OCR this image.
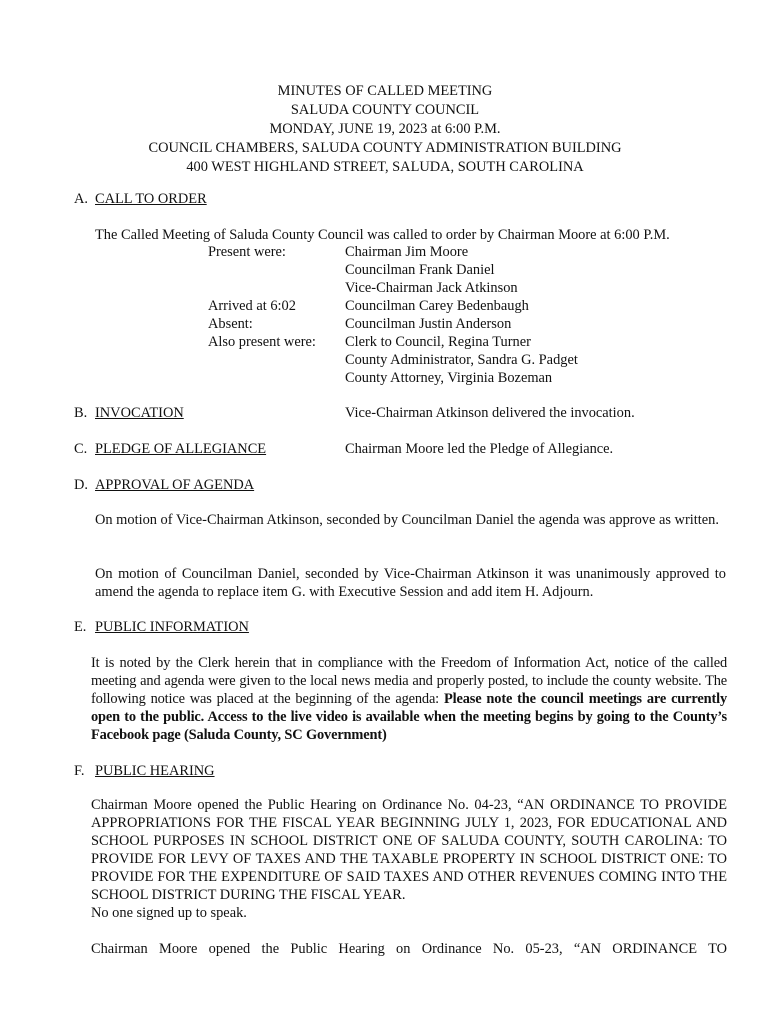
MINUTES OF CALLED MEETING
SALUDA COUNTY COUNCIL
MONDAY, JUNE 19, 2023 at 6:00 P.M.
COUNCIL CHAMBERS, SALUDA COUNTY ADMINISTRATION BUILDING
400 WEST HIGHLAND STREET, SALUDA, SOUTH CAROLINA
A. CALL TO ORDER
The Called Meeting of Saluda County Council was called to order by Chairman Moore at 6:00 P.M.
Present were:	Chairman Jim Moore
Councilman Frank Daniel
Vice-Chairman Jack Atkinson
Arrived at 6:02	Councilman Carey Bedenbaugh
Absent:	Councilman Justin Anderson
Also present were: Clerk to Council, Regina Turner
County Administrator, Sandra G. Padget
County Attorney, Virginia Bozeman
B. INVOCATION	Vice-Chairman Atkinson delivered the invocation.
C. PLEDGE OF ALLEGIANCE	Chairman Moore led the Pledge of Allegiance.
D. APPROVAL OF AGENDA
On motion of Vice-Chairman Atkinson, seconded by Councilman Daniel the agenda was approve as written.
On motion of Councilman Daniel, seconded by Vice-Chairman Atkinson it was unanimously approved to amend the agenda to replace item G. with Executive Session and add item H. Adjourn.
E. PUBLIC INFORMATION
It is noted by the Clerk herein that in compliance with the Freedom of Information Act, notice of the called meeting and agenda were given to the local news media and properly posted, to include the county website. The following notice was placed at the beginning of the agenda: Please note the council meetings are currently open to the public. Access to the live video is available when the meeting begins by going to the County’s Facebook page (Saluda County, SC Government)
F. PUBLIC HEARING
Chairman Moore opened the Public Hearing on Ordinance No. 04-23, “AN ORDINANCE TO PROVIDE APPROPRIATIONS FOR THE FISCAL YEAR BEGINNING JULY 1, 2023, FOR EDUCATIONAL AND SCHOOL PURPOSES IN SCHOOL DISTRICT ONE OF SALUDA COUNTY, SOUTH CAROLINA: TO PROVIDE FOR LEVY OF TAXES AND THE TAXABLE PROPERTY IN SCHOOL DISTRICT ONE: TO PROVIDE FOR THE EXPENDITURE OF SAID TAXES AND OTHER REVENUES COMING INTO THE SCHOOL DISTRICT DURING THE FISCAL YEAR.
No one signed up to speak.
Chairman Moore opened the Public Hearing on Ordinance No. 05-23, “AN ORDINANCE TO
